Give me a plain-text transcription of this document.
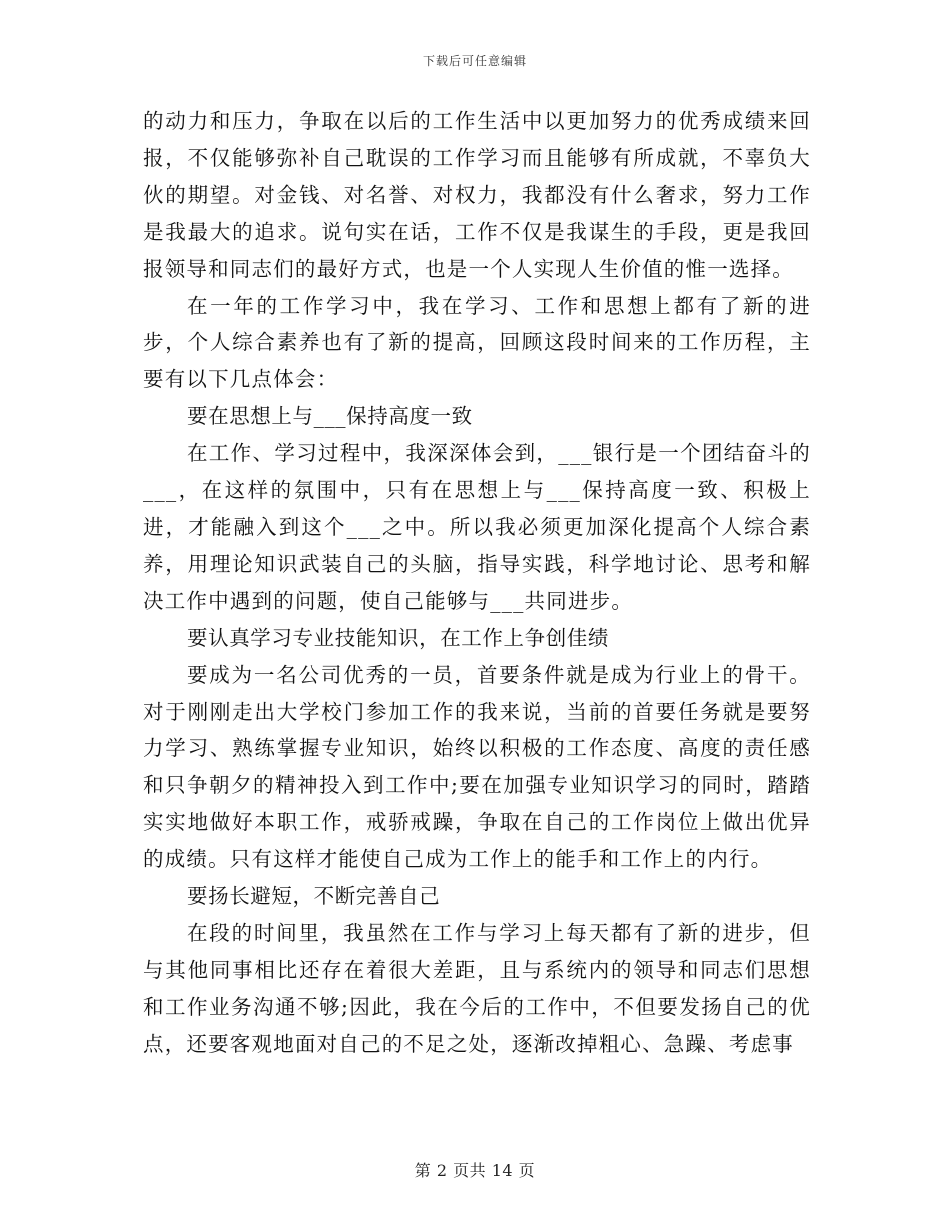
下载后可任意编辑

的动力和压力，争取在以后的工作生活中以更加努力的优秀成绩来回报，不仅能够弥补自己耽误的工作学习而且能够有所成就，不辜负大伙的期望。对金钱、对名誉、对权力，我都没有什么奢求，努力工作是我最大的追求。说句实在话，工作不仅是我谋生的手段，更是我回报领导和同志们的最好方式，也是一个人实现人生价值的惟一选择。

在一年的工作学习中，我在学习、工作和思想上都有了新的进步，个人综合素养也有了新的提高，回顾这段时间来的工作历程，主要有以下几点体会：

要在思想上与___保持高度一致

在工作、学习过程中，我深深体会到，___银行是一个团结奋斗的___，在这样的氛围中，只有在思想上与___保持高度一致、积极上进，才能融入到这个___之中。所以我必须更加深化提高个人综合素养，用理论知识武装自己的头脑，指导实践，科学地讨论、思考和解决工作中遇到的问题，使自己能够与___共同进步。

要认真学习专业技能知识，在工作上争创佳绩

要成为一名公司优秀的一员，首要条件就是成为行业上的骨干。对于刚刚走出大学校门参加工作的我来说，当前的首要任务就是要努力学习、熟练掌握专业知识，始终以积极的工作态度、高度的责任感和只争朝夕的精神投入到工作中;要在加强专业知识学习的同时，踏踏实实地做好本职工作，戒骄戒躁，争取在自己的工作岗位上做出优异的成绩。只有这样才能使自己成为工作上的能手和工作上的内行。

要扬长避短，不断完善自己

在段的时间里，我虽然在工作与学习上每天都有了新的进步，但与其他同事相比还存在着很大差距，且与系统内的领导和同志们思想和工作业务沟通不够;因此，我在今后的工作中，不但要发扬自己的优点，还要客观地面对自己的不足之处，逐渐改掉粗心、急躁、考虑事

第 2 页共 14 页
